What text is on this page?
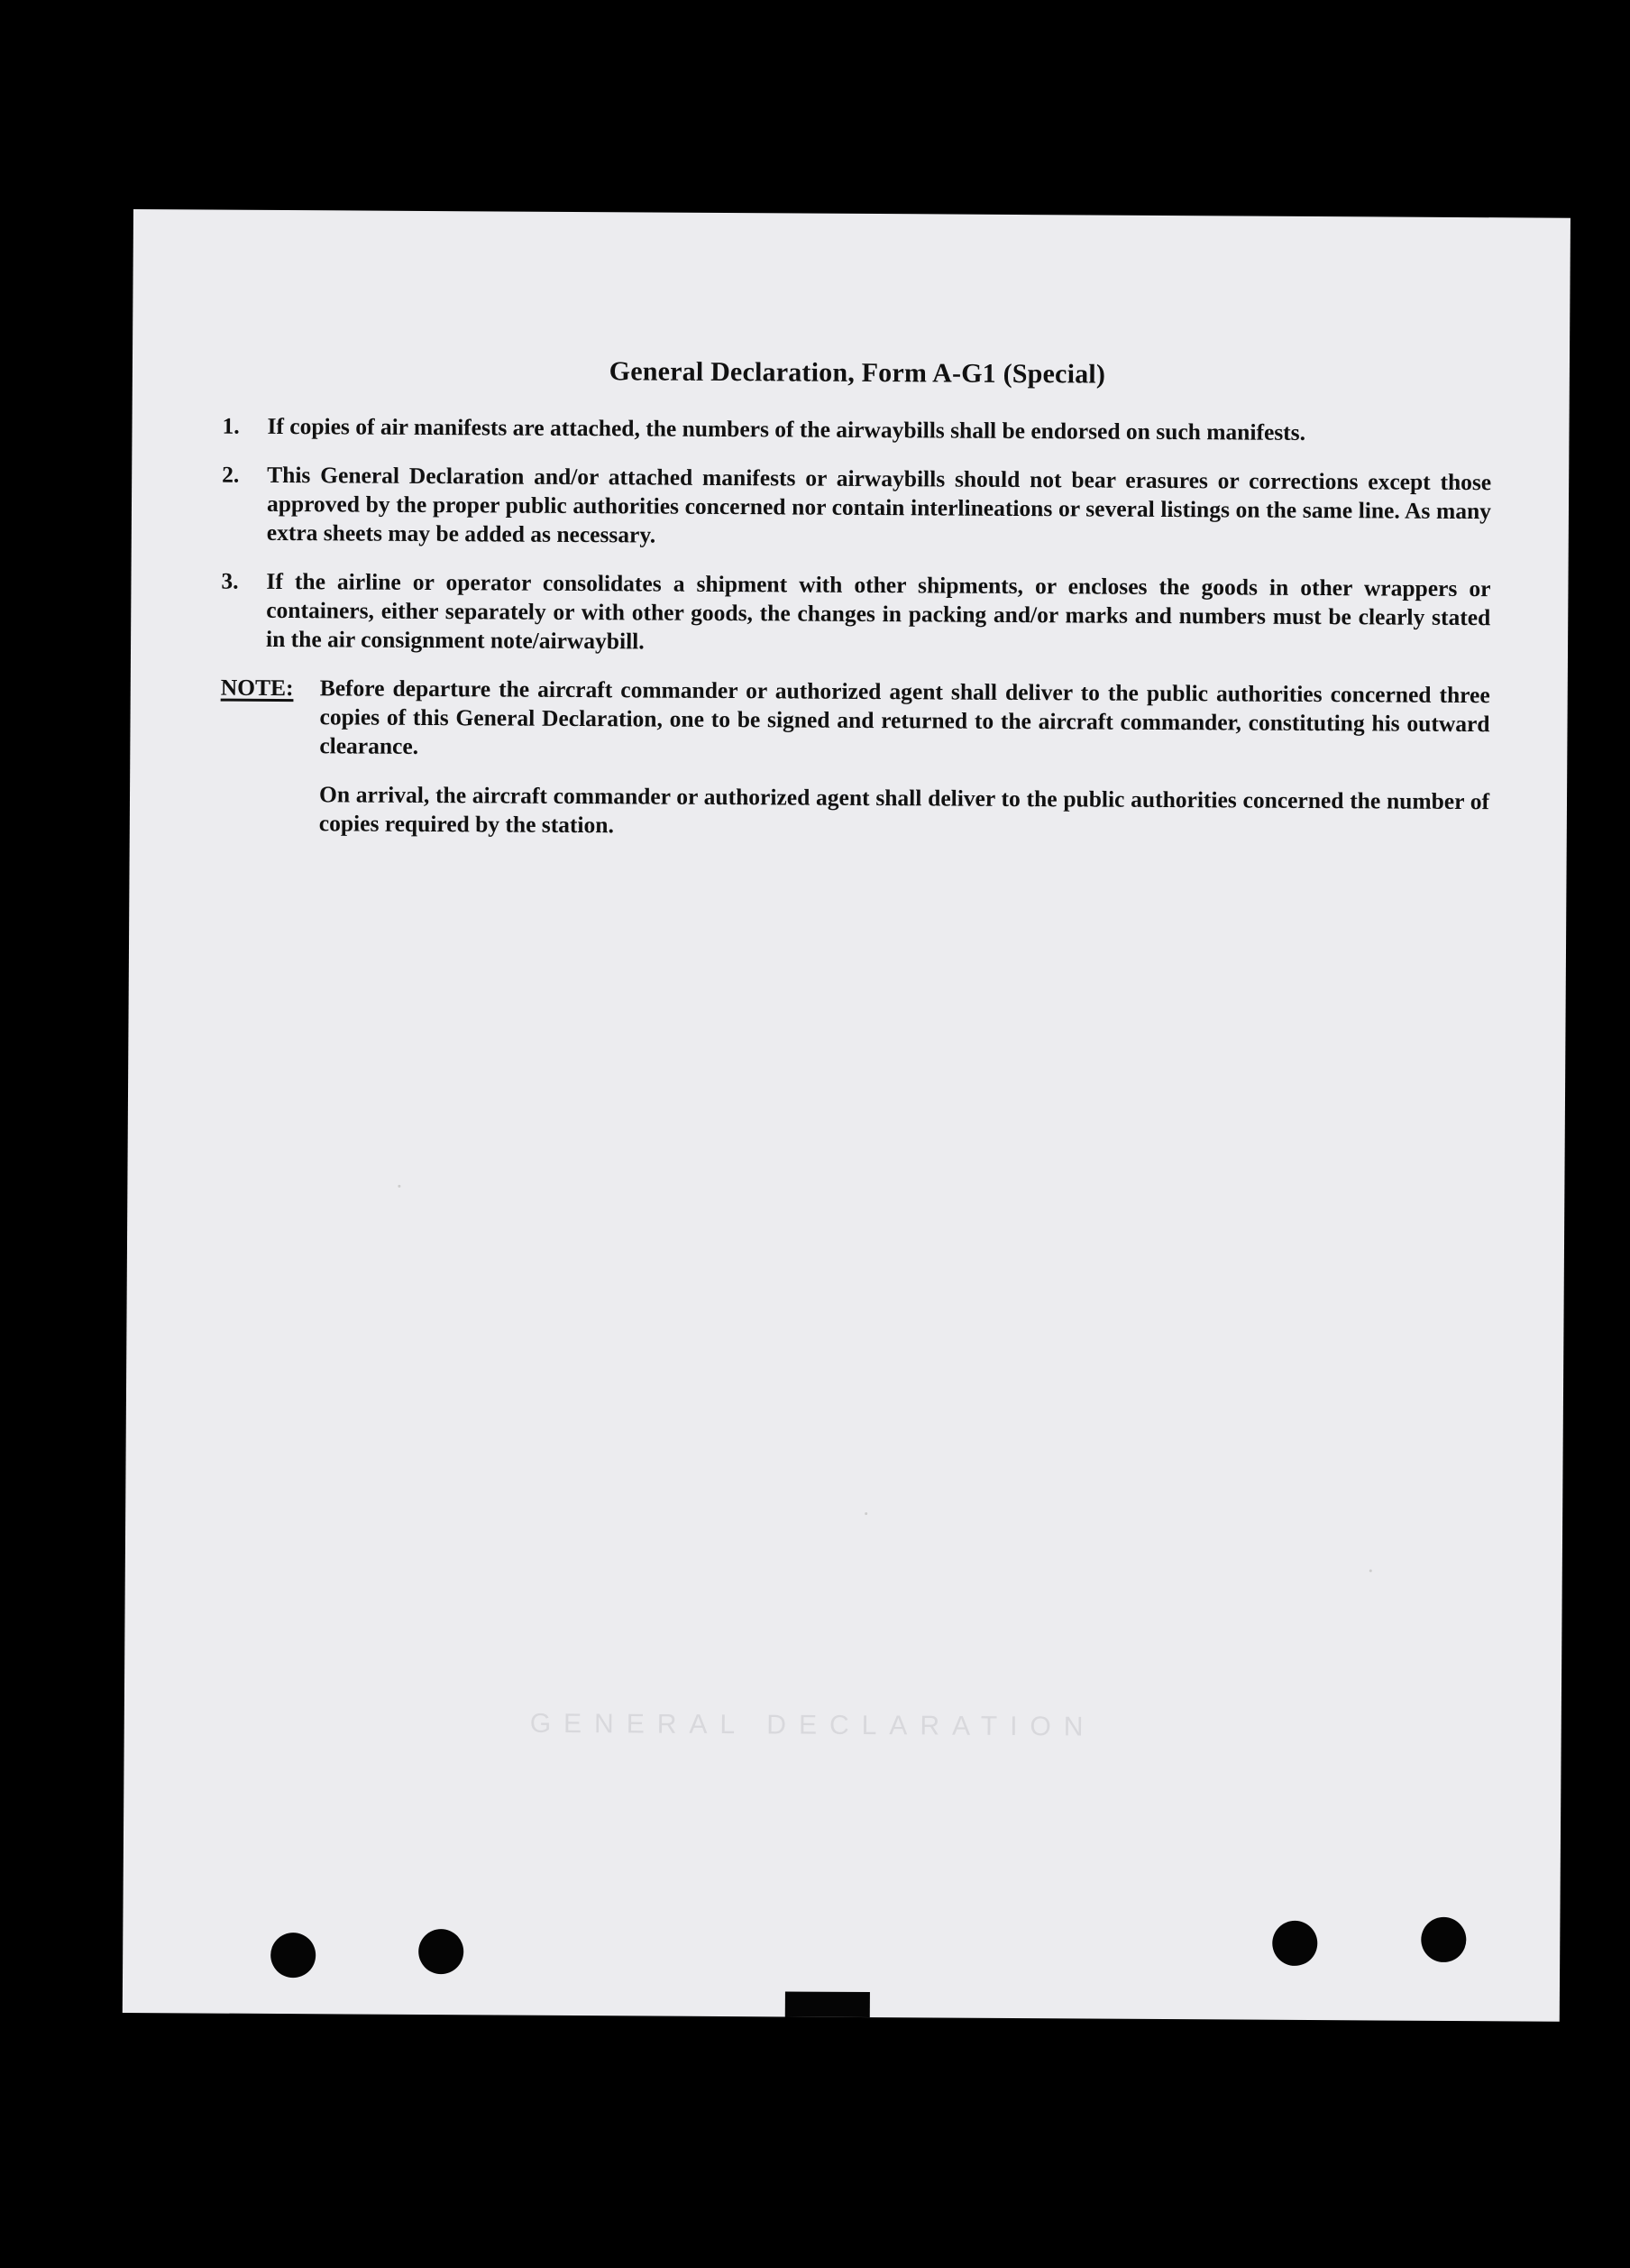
GENERAL DECLARATION
General Declaration, Form A-G1 (Special)
1.	If copies of air manifests are attached, the numbers of the airwaybills shall be endorsed on such manifests.
2.	This General Declaration and/or attached manifests or airwaybills should not bear erasures or corrections except those approved by the proper public authorities concerned nor contain interlineations or several listings on the same line. As many extra sheets may be added as necessary.
3.	If the airline or operator consolidates a shipment with other shipments, or encloses the goods in other wrappers or containers, either separately or with other goods, the changes in packing and/or marks and numbers must be clearly stated in the air consignment note/airwaybill.
NOTE:	Before departure the aircraft commander or authorized agent shall deliver to the public authorities concerned three copies of this General Declaration, one to be signed and returned to the aircraft commander, constituting his outward clearance.

On arrival, the aircraft commander or authorized agent shall deliver to the public authorities concerned the number of copies required by the station.
